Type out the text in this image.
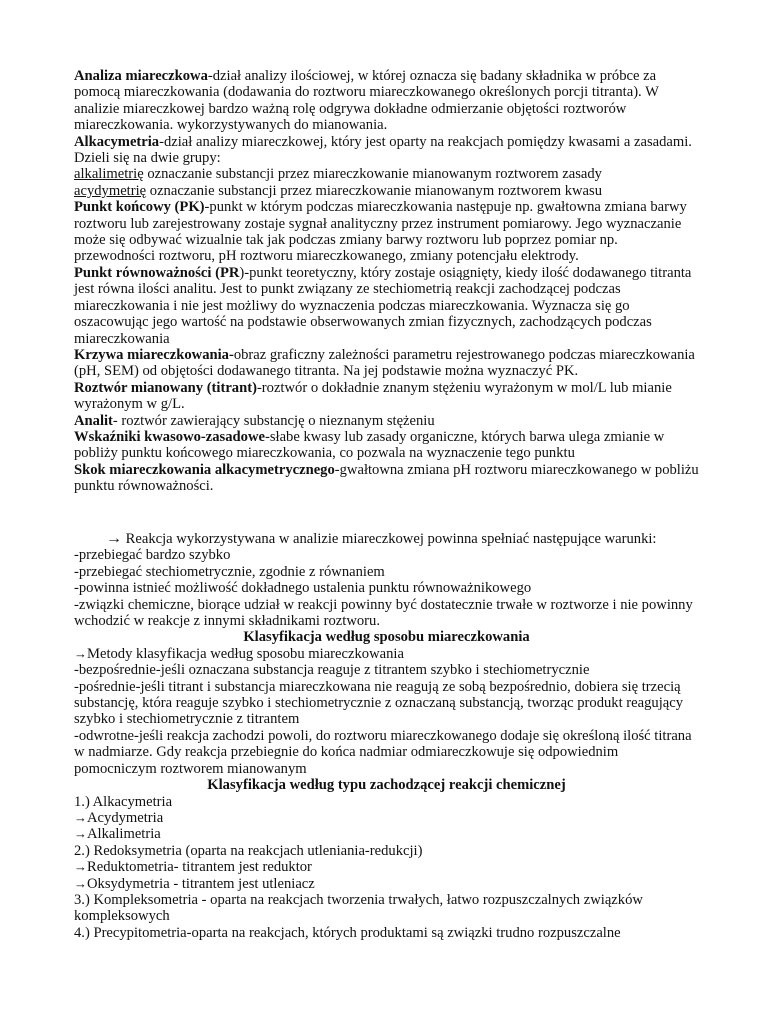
Analiza miareczkowa-dział analizy ilościowej, w której oznacza się badany składnika w próbce za pomocą miareczkowania (dodawania do roztworu miareczkowanego określonych porcji titranta). W analizie miareczkowej bardzo ważną rolę odgrywa dokładne odmierzanie objętości roztworów miareczkowania. wykorzystywanych do mianowania.

Alkacymetria-dział analizy miareczkowej, który jest oparty na reakcjach pomiędzy kwasami a zasadami. Dzieli się na dwie grupy:

alkalimetrię oznaczanie substancji przez miareczkowanie mianowanym roztworem zasady

acydymetrię oznaczanie substancji przez miareczkowanie mianowanym roztworem kwasu

Punkt końcowy (PK)-punkt w którym podczas miareczkowania następuje np. gwałtowna zmiana barwy roztworu lub zarejestrowany zostaje sygnał analityczny przez instrument pomiarowy. Jego wyznaczanie może się odbywać wizualnie tak jak podczas zmiany barwy roztworu lub poprzez pomiar np. przewodności roztworu, pH roztworu miareczkowanego, zmiany potencjału elektrody.

Punkt równoważności (PR)-punkt teoretyczny, który zostaje osiągnięty, kiedy ilość dodawanego titranta jest równa ilości analitu. Jest to punkt związany ze stechiometrią reakcji zachodzącej podczas miareczkowania i nie jest możliwy do wyznaczenia podczas miareczkowania. Wyznacza się go oszacowując jego wartość na podstawie obserwowanych zmian fizycznych, zachodzących podczas miareczkowania

Krzywa miareczkowania-obraz graficzny zależności parametru rejestrowanego podczas miareczkowania (pH, SEM) od objętości dodawanego titranta. Na jej podstawie można wyznaczyć PK.

Roztwór mianowany (titrant)-roztwór o dokładnie znanym stężeniu wyrażonym w mol/L lub mianie wyrażonym w g/L.

Analit- roztwór zawierający substancję o nieznanym stężeniu

Wskaźniki kwasowo-zasadowe-słabe kwasy lub zasady organiczne, których barwa ulega zmianie w pobliży punktu końcowego miareczkowania, co pozwala na wyznaczenie tego punktu

Skok miareczkowania alkacymetrycznego-gwałtowna zmiana pH roztworu miareczkowanego w pobliżu punktu równoważności.

→ Reakcja wykorzystywana w analizie miareczkowej powinna spełniać następujące warunki:

-przebiegać bardzo szybko

-przebiegać stechiometrycznie, zgodnie z równaniem

-powinna istnieć możliwość dokładnego ustalenia punktu równoważnikowego

-związki chemiczne, biorące udział w reakcji powinny być dostatecznie trwałe w roztworze i nie powinny wchodzić w reakcje z innymi składnikami roztworu.

Klasyfikacja według sposobu miareczkowania

→Metody klasyfikacja według sposobu miareczkowania

-bezpośrednie-jeśli oznaczana substancja reaguje z titrantem szybko i stechiometrycznie

-pośrednie-jeśli titrant i substancja miareczkowana nie reagują ze sobą bezpośrednio, dobiera się trzecią substancję, która reaguje szybko i stechiometrycznie z oznaczaną substancją, tworząc produkt reagujący szybko i stechiometrycznie z titrantem

-odwrotne-jeśli reakcja zachodzi powoli, do roztworu miareczkowanego dodaje się określoną ilość titrana w nadmiarze. Gdy reakcja przebiegnie do końca nadmiar odmiareczkowuje się odpowiednim pomocniczym roztworem mianowanym

Klasyfikacja według typu zachodzącej reakcji chemicznej

1.) Alkacymetria

→Acydymetria

→Alkalimetria

2.) Redoksymetria (oparta na reakcjach utleniania-redukcji)

→Reduktometria- titrantem jest reduktor

→Oksydymetria - titrantem jest utleniacz

3.) Kompleksometria - oparta na reakcjach tworzenia trwałych, łatwo rozpuszczalnych związków kompleksowych

4.) Precypitometria-oparta na reakcjach, których produktami są związki trudno rozpuszczalne
